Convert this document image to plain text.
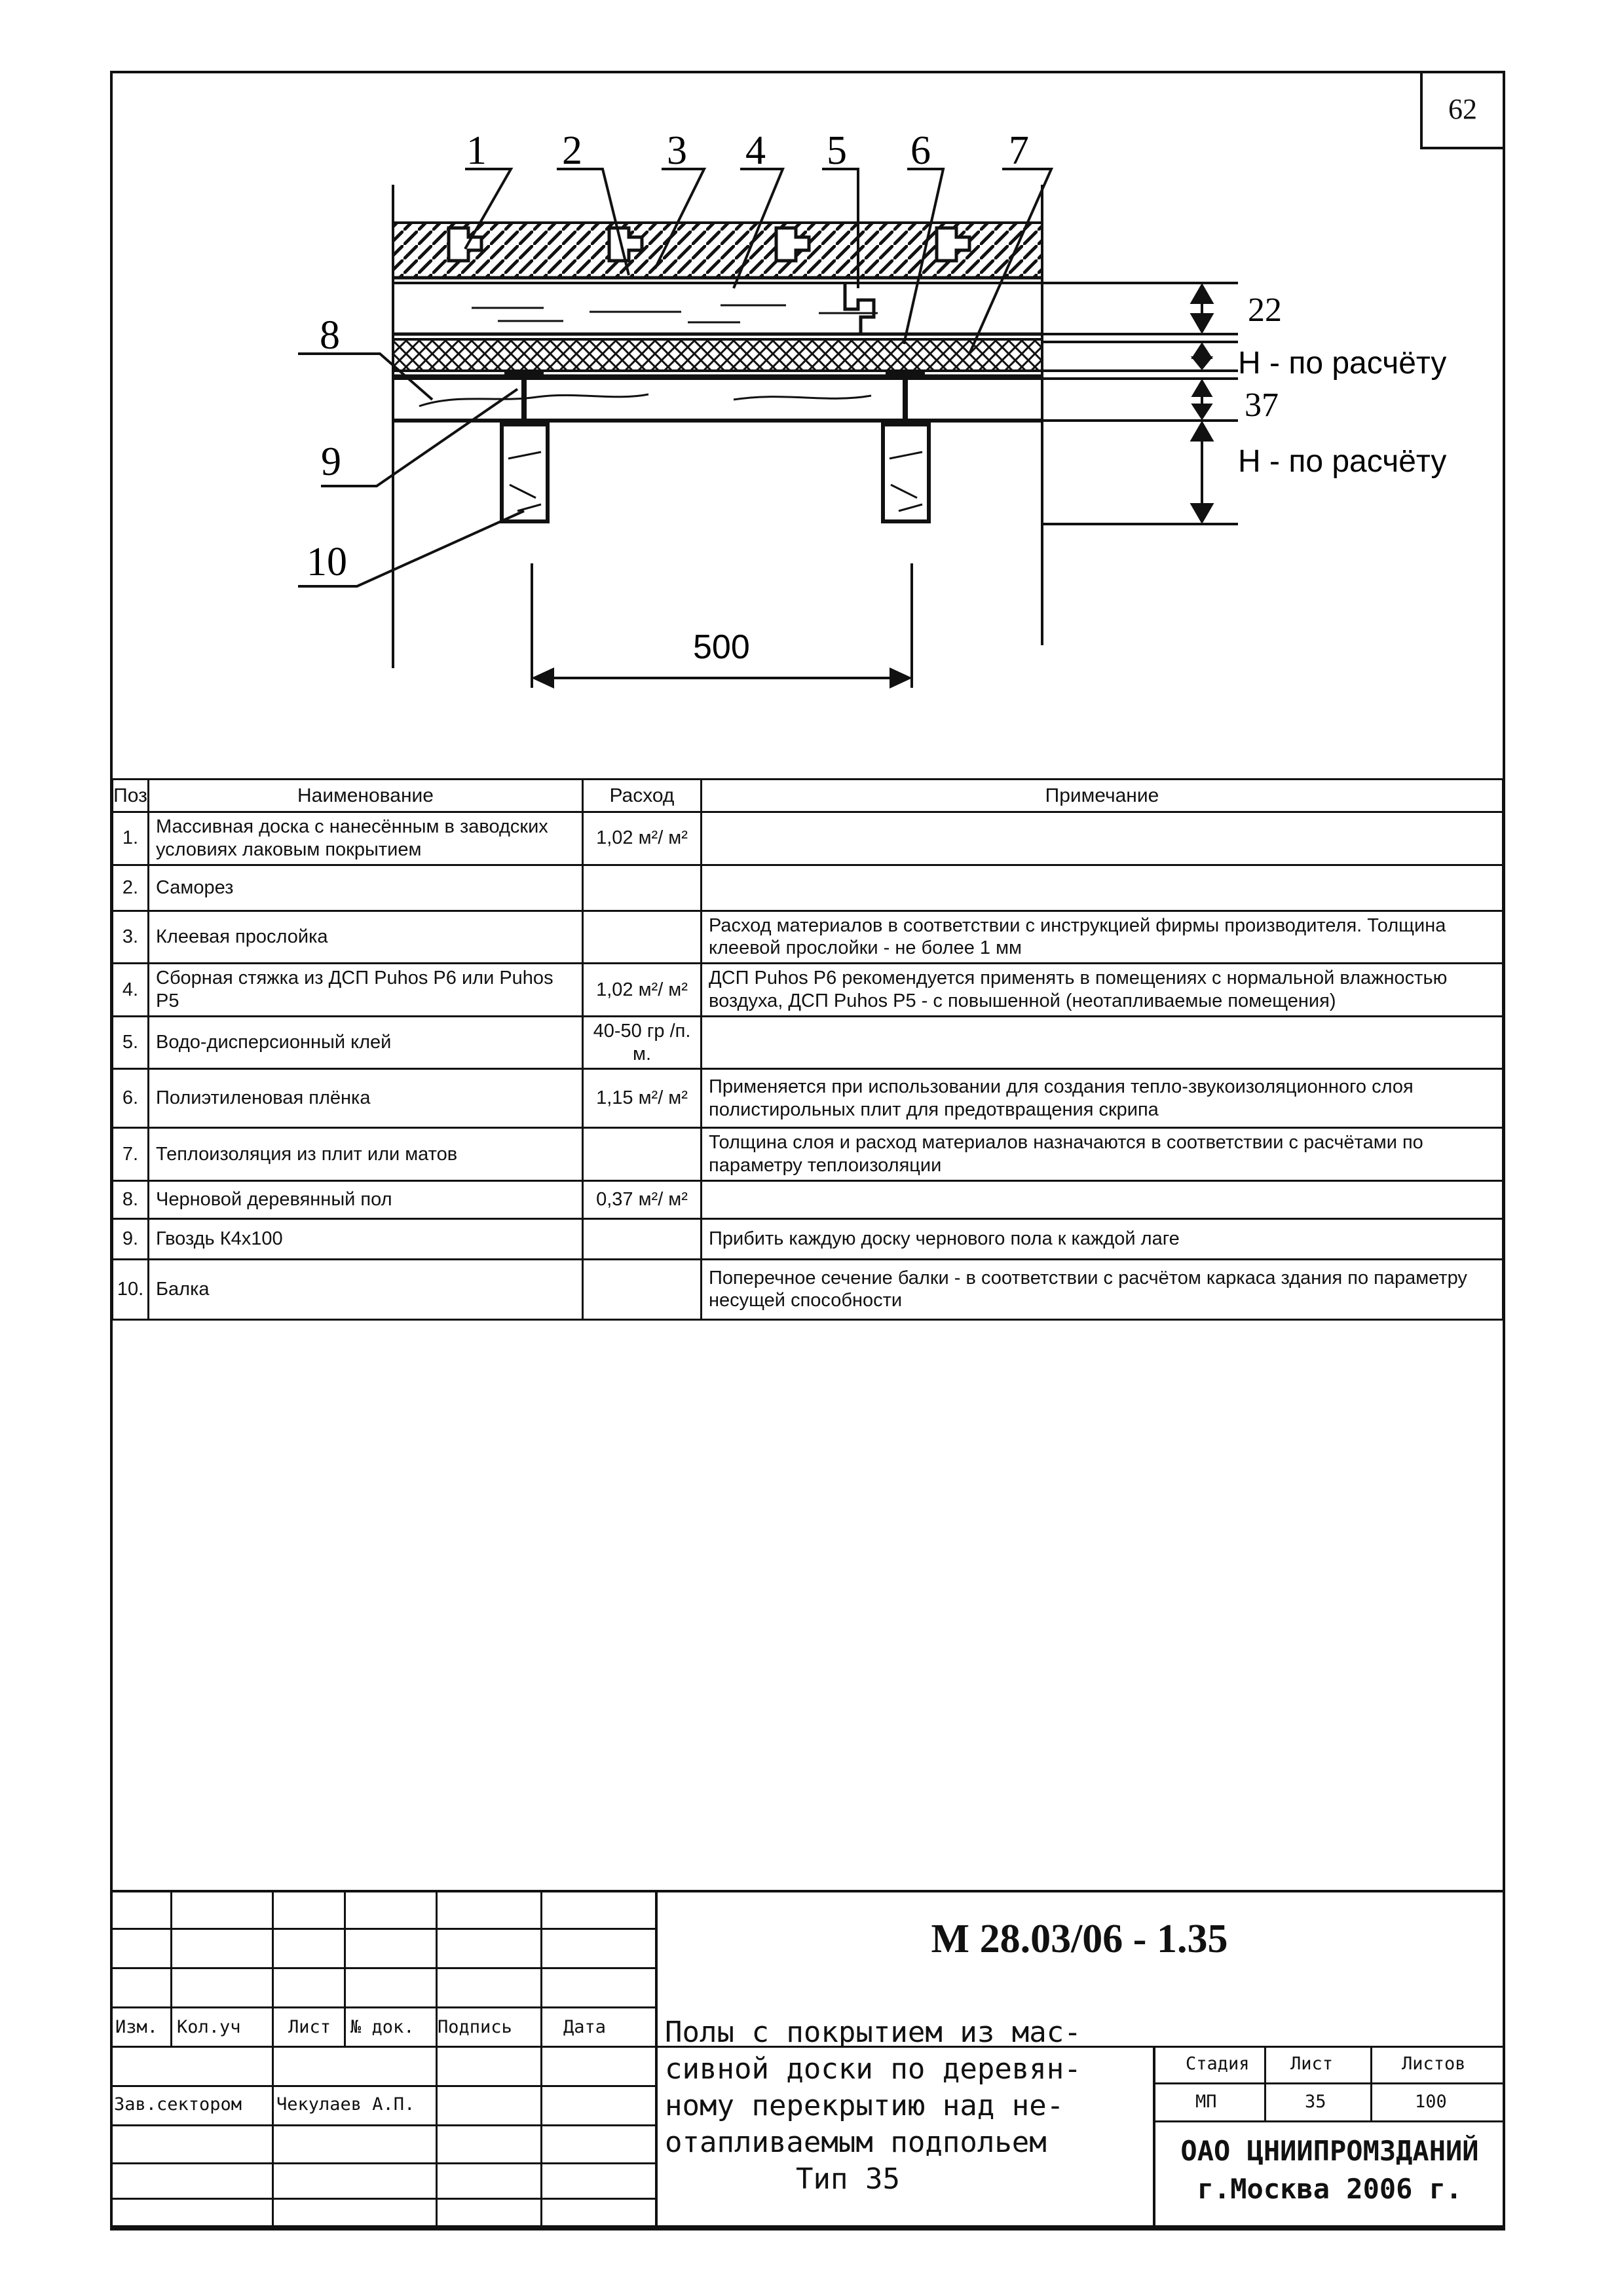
62
1 2 3 4 5 6 7
8
9
10
22
H - по расчёту
37
H - по расчёту
500
Поз	Наименование	Расход	Примечание
1.	Массивная доска с нанесённым в заводских условиях лаковым покрытием	1,02 м²/ м²	
2.	Саморез		
3.	Клеевая прослойка		Расход материалов в соответствии с инструкцией фирмы производителя. Толщина клеевой прослойки - не более 1 мм
4.	Сборная стяжка из ДСП Puhos P6 или Puhos P5	1,02 м²/ м²	ДСП Puhos P6 рекомендуется применять в помещениях с нормальной влажностью воздуха, ДСП Puhos P5 - с повышенной (неотапливаемые помещения)
5.	Водо-дисперсионный клей	40-50 гр /п. м.	
6.	Полиэтиленовая плёнка	1,15 м²/ м²	Применяется при использовании для создания тепло-звукоизоляционного слоя полистирольных плит для предотвращения скрипа
7.	Теплоизоляция из плит или матов		Толщина слоя и расход материалов назначаются в соответствии с расчётами по параметру теплоизоляции
8.	Черновой деревянный пол	0,37 м²/ м²	
9.	Гвоздь К4х100		Прибить каждую доску чернового пола к каждой лаге
10.	Балка		Поперечное сечение балки - в соответствии с расчётом каркаса здания по параметру несущей способности
Изм. Кол.уч	Лист № док. Подпись	Дата
Зав.сектором Чекулаев А.П.
М 28.03/06 - 1.35
Полы с покрытием из мас-
сивной доски по деревян-
ному перекрытию над не-
отапливаемым подпольем
Тип 35
Стадия Лист	Листов
МП	35	100
ОАО ЦНИИПРОМЗДАНИЙ
г.Москва 2006 г.
